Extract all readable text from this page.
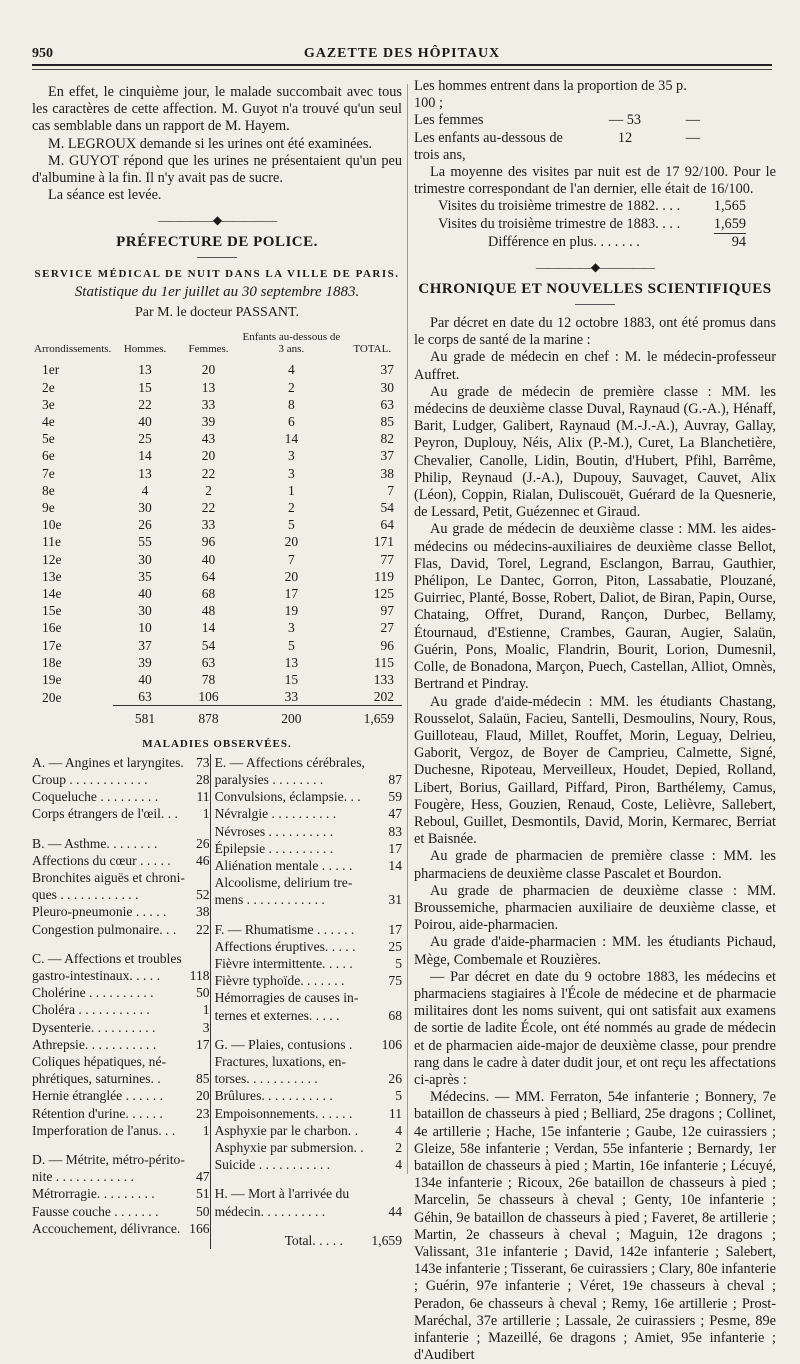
950	GAZETTE DES HÔPITAUX

En effet, le cinquième jour, le malade succombait avec tous les caractères de cette affection. M. Guyot n'a trouvé qu'un seul cas semblable dans un rapport de M. Hayem.

M. LEGROUX demande si les urines ont été examinées.

M. GUYOT répond que les urines ne présentaient qu'un peu d'albumine à la fin. Il n'y avait pas de sucre.

La séance est levée.

—————◆—————
PRÉFECTURE DE POLICE.
SERVICE MÉDICAL DE NUIT DANS LA VILLE DE PARIS.
Statistique du 1er juillet au 30 septembre 1883.
Par M. le docteur PASSANT.
Arrondissements.	Hommes.	Femmes.	Enfants au-dessous de 3 ans.	TOTAL.
1er	13	20	4	37
2e	15	13	2	30
3e	22	33	8	63
4e	40	39	6	85
5e	25	43	14	82
6e	14	20	3	37
7e	13	22	3	38
8e	4	2	1	7
9e	30	22	2	54
10e	26	33	5	64
11e	55	96	20	171
12e	30	40	7	77
13e	35	64	20	119
14e	40	68	17	125
15e	30	48	19	97
16e	10	14	3	27
17e	37	54	5	96
18e	39	63	13	115
19e	40	78	15	133
20e	63	106	33	202
	581	878	200	1,659
MALADIES OBSERVÉES.
A. — Angines et laryngites. 73
Croup . . . . . . . . . . . .	28
Coqueluche . . . . . . . . .	11
Corps étrangers de l'œil. . .	1
B. — Asthme. . . . . . . .	26
Affections du cœur . . . . .	46
Bronchites aiguës et chroni-
ques . . . . . . . . . . . .	52
Pleuro-pneumonie . . . . .	38
Congestion pulmonaire. . .	22
C. — Affections et troubles
gastro-intestinaux. . . . . 118
Cholérine . . . . . . . . . .	50
Choléra . . . . . . . . . . .	1
Dysenterie. . . . . . . . . .	3
Athrepsie. . . . . . . . . . .	17
Coliques hépatiques, né-
phrétiques, saturnines. .	85
Hernie étranglée . . . . . .	20
Rétention d'urine. . . . . .	23
Imperforation de l'anus. . .	1
D. — Métrite, métro-périto-
nite . . . . . . . . . . . .	47
Métrorragie. . . . . . . . .	51
Fausse couche . . . . . . .	50
Accouchement, délivrance. 166
E. — Affections cérébrales,
paralysies . . . . . . . .	87
Convulsions, éclampsie. . .	59
Névralgie . . . . . . . . . .	47
Névroses . . . . . . . . . .	83
Épilepsie . . . . . . . . . .	17
Aliénation mentale . . . . .	14
Alcoolisme, delirium tre-
mens . . . . . . . . . . . .	31
F. — Rhumatisme . . . . . .	17
Affections éruptives. . . . .	25
Fièvre intermittente. . . . .	5
Fièvre typhoïde. . . . . . .	75
Hémorragies de causes in-
ternes et externes. . . . .	68
G. — Plaies, contusions . 106
Fractures, luxations, en-
torses. . . . . . . . . . .	26
Brûlures. . . . . . . . . . .	5
Empoisonnements. . . . . .	11
Asphyxie par le charbon. .	4
Asphyxie par submersion. .	2
Suicide . . . . . . . . . . .	4
H. — Mort à l'arrivée du
médecin. . . . . . . . . .	44
Total. . . . . 1,659
Les hommes entrent dans la proportion de 35 p. 100 ;
Les femmes	— 53	—
Les enfants au-dessous de trois ans,
12	—

La moyenne des visites par nuit est de 17 92/100. Pour le trimestre correspondant de l'an dernier, elle était de 16/100.

Visites du troisième trimestre de 1882. . . . 1,565
Visites du troisième trimestre de 1883. . . . 1,659
Différence en plus. . . . . . .	94
—————◆—————
CHRONIQUE ET NOUVELLES SCIENTIFIQUES

Par décret en date du 12 octobre 1883, ont été promus dans le corps de santé de la marine :

Au grade de médecin en chef : M. le médecin-professeur Auffret.

Au grade de médecin de première classe : MM. les médecins de deuxième classe Duval, Raynaud (G.-A.), Hénaff, Barit, Ludger, Galibert, Raynaud (M.-J.-A.), Auvray, Gallay, Peyron, Duplouy, Néis, Alix (P.-M.), Curet, La Blanchetière, Chevalier, Canolle, Lidin, Boutin, d'Hubert, Pfihl, Barrême, Philip, Reynaud (J.-A.), Dupouy, Sauvaget, Cauvet, Alix (Léon), Coppin, Rialan, Duliscouët, Guérard de la Quesnerie, de Lessard, Petit, Guézennec et Giraud.

Au grade de médecin de deuxième classe : MM. les aides-médecins ou médecins-auxiliaires de deuxième classe Bellot, Flas, David, Torel, Legrand, Esclangon, Barrau, Gauthier, Phélipon, Le Dantec, Gorron, Piton, Lassabatie, Plouzané, Guirriec, Planté, Bosse, Robert, Daliot, de Biran, Papin, Ourse, Chataing, Offret, Durand, Rançon, Durbec, Bellamy, Étournaud, d'Estienne, Crambes, Gauran, Augier, Salaün, Guérin, Pons, Moalic, Flandrin, Bourit, Lorion, Dumesnil, Colle, de Bonadona, Marçon, Puech, Castellan, Alliot, Omnès, Bertrand et Pindray.

Au grade d'aide-médecin : MM. les étudiants Chastang, Rousselot, Salaün, Facieu, Santelli, Desmoulins, Noury, Rous, Guilloteau, Flaud, Millet, Rouffet, Morin, Leguay, Delrieu, Gaborit, Vergoz, de Boyer de Camprieu, Calmette, Signé, Duchesne, Ripoteau, Merveilleux, Houdet, Depied, Rolland, Libert, Borius, Gaillard, Piffard, Piron, Barthélemy, Camus, Fougère, Hess, Gouzien, Renaud, Coste, Lelièvre, Sallebert, Reboul, Guillet, Desmontils, David, Morin, Kermarec, Berriat et Baisnée.

Au grade de pharmacien de première classe : MM. les pharmaciens de deuxième classe Pascalet et Bourdon.

Au grade de pharmacien de deuxième classe : MM. Broussemiche, pharmacien auxiliaire de deuxième classe, et Poirou, aide-pharmacien.

Au grade d'aide-pharmacien : MM. les étudiants Pichaud, Mège, Combemale et Rouzières.

— Par décret en date du 9 octobre 1883, les médecins et pharmaciens stagiaires à l'École de médecine et de pharmacie militaires dont les noms suivent, qui ont satisfait aux examens de sortie de ladite École, ont été nommés au grade de médecin et de pharmacien aide-major de deuxième classe, pour prendre rang dans le cadre à dater dudit jour, et ont reçu les affectations ci-après :

Médecins. — MM. Ferraton, 54e infanterie ; Bonnery, 7e bataillon de chasseurs à pied ; Belliard, 25e dragons ; Collinet, 4e artillerie ; Hache, 15e infanterie ; Gaube, 12e cuirassiers ; Gleize, 58e infanterie ; Verdan, 55e infanterie ; Bernardy, 1er bataillon de chasseurs à pied ; Martin, 16e infanterie ; Lécuyé, 134e infanterie ; Ricoux, 26e bataillon de chasseurs à pied ; Marcelin, 5e chasseurs à cheval ; Genty, 10e infanterie ; Géhin, 9e bataillon de chasseurs à pied ; Faveret, 8e artillerie ; Martin, 2e chasseurs à cheval ; Maguin, 12e dragons ; Valissant, 31e infanterie ; David, 142e infanterie ; Salebert, 143e infanterie ; Tisserant, 6e cuirassiers ; Clary, 80e infanterie ; Guérin, 97e infanterie ; Véret, 19e chasseurs à cheval ; Peradon, 6e chasseurs à cheval ; Remy, 16e artillerie ; Prost-Maréchal, 37e artillerie ; Lassale, 2e cuirassiers ; Pesme, 89e infanterie ; Mazeillé, 6e dragons ; Amiet, 95e infanterie ; d'Audibert
